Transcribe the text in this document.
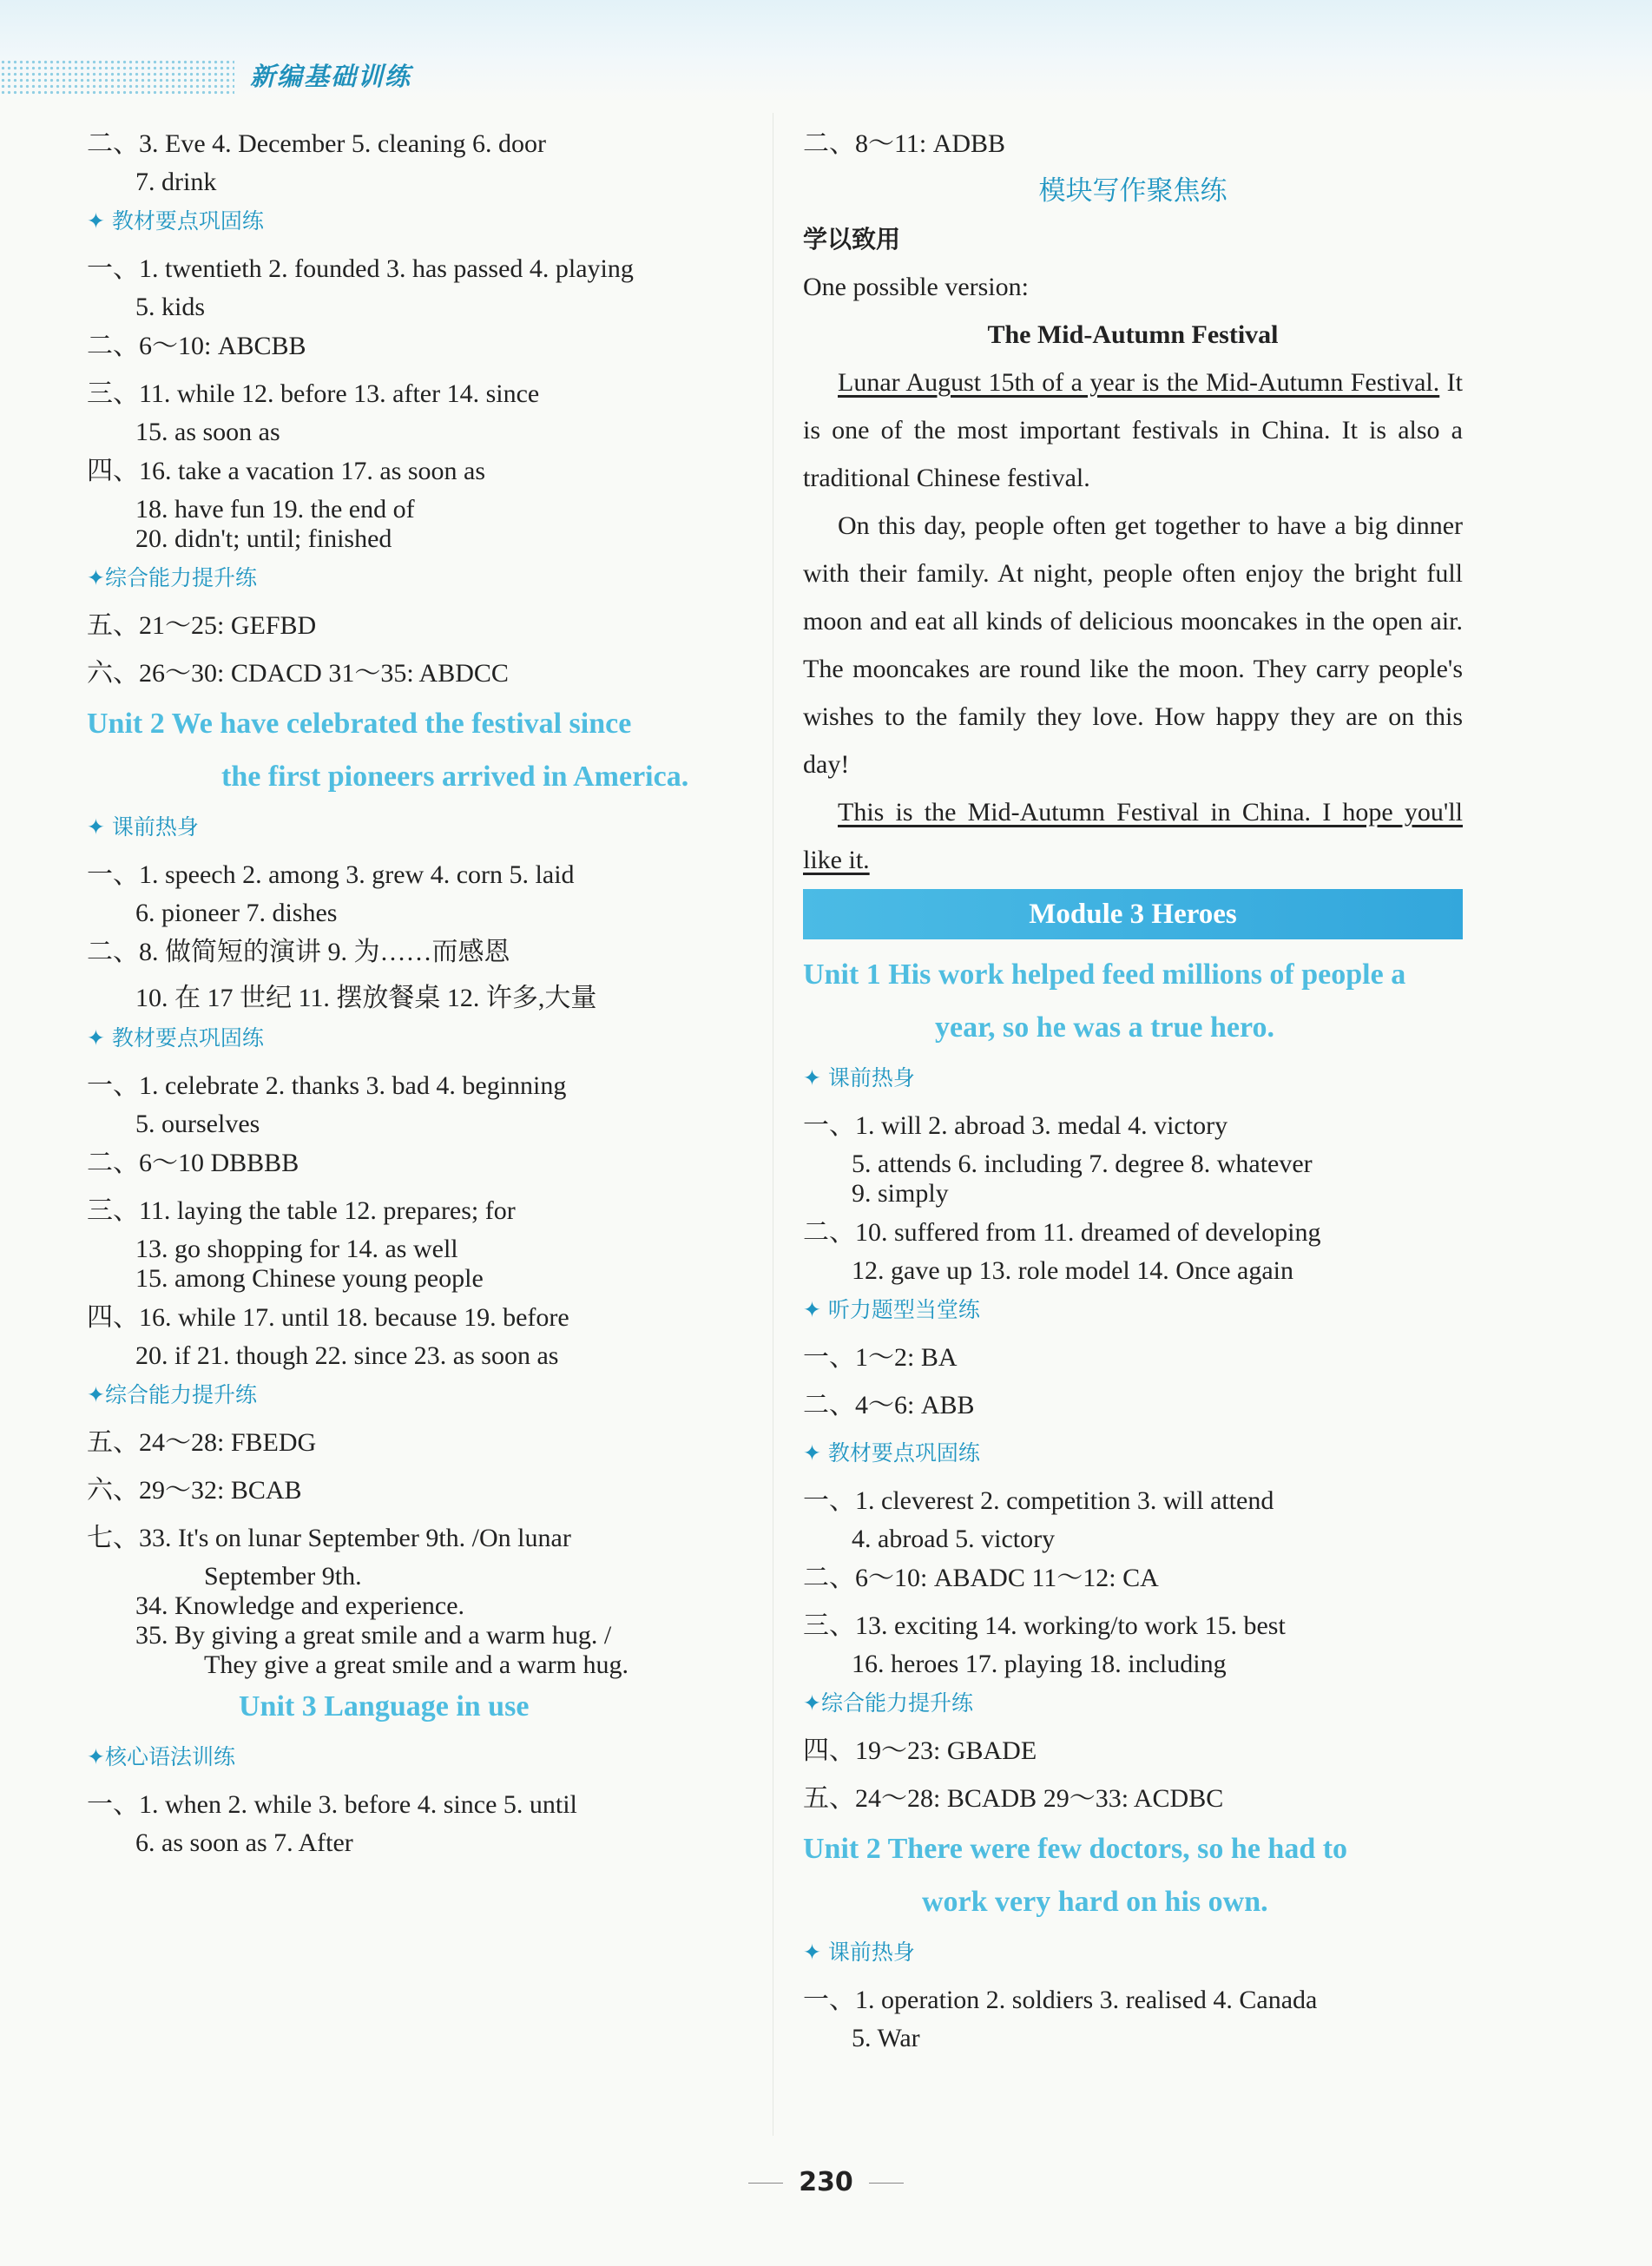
新编基础训练
二、3. Eve 4. December 5. cleaning 6. door
7. drink
✦ 教材要点巩固练
一、1. twentieth 2. founded 3. has passed 4. playing
5. kids
二、6～10: ABCBB
三、11. while 12. before 13. after 14. since
15. as soon as
四、16. take a vacation 17. as soon as
18. have fun 19. the end of
20. didn't; until; finished
✦综合能力提升练
五、21～25: GEFBD
六、26～30: CDACD 31～35: ABDCC
Unit 2 We have celebrated the festival since
the first pioneers arrived in America.
✦ 课前热身
一、1. speech 2. among 3. grew 4. corn 5. laid
6. pioneer 7. dishes
二、8. 做简短的演讲 9. 为……而感恩
10. 在 17 世纪 11. 摆放餐桌 12. 许多,大量
✦ 教材要点巩固练
一、1. celebrate 2. thanks 3. bad 4. beginning
5. ourselves
二、6～10 DBBBB
三、11. laying the table 12. prepares; for
13. go shopping for 14. as well
15. among Chinese young people
四、16. while 17. until 18. because 19. before
20. if 21. though 22. since 23. as soon as
✦综合能力提升练
五、24～28: FBEDG
六、29～32: BCAB
七、33. It's on lunar September 9th. /On lunar
September 9th.
34. Knowledge and experience.
35. By giving a great smile and a warm hug. /
They give a great smile and a warm hug.
Unit 3 Language in use
✦核心语法训练
一、1. when 2. while 3. before 4. since 5. until
6. as soon as 7. After
二、8～11: ADBB
模块写作聚焦练
学以致用
One possible version:
The Mid-Autumn Festival
Lunar August 15th of a year is the Mid-Autumn Festival. It is one of the most important festivals in China. It is also a traditional Chinese festival.
On this day, people often get together to have a big dinner with their family. At night, people often enjoy the bright full moon and eat all kinds of delicious mooncakes in the open air. The mooncakes are round like the moon. They carry people's wishes to the family they love. How happy they are on this day!
This is the Mid-Autumn Festival in China. I hope you'll like it.
Module 3 Heroes
Unit 1 His work helped feed millions of people a
year, so he was a true hero.
✦ 课前热身
一、1. will 2. abroad 3. medal 4. victory
5. attends 6. including 7. degree 8. whatever
9. simply
二、10. suffered from 11. dreamed of developing
12. gave up 13. role model 14. Once again
✦ 听力题型当堂练
一、1～2: BA
二、4～6: ABB
✦ 教材要点巩固练
一、1. cleverest 2. competition 3. will attend
4. abroad 5. victory
二、6～10: ABADC 11～12: CA
三、13. exciting 14. working/to work 15. best
16. heroes 17. playing 18. including
✦综合能力提升练
四、19～23: GBADE
五、24～28: BCADB 29～33: ACDBC
Unit 2 There were few doctors, so he had to
work very hard on his own.
✦ 课前热身
一、1. operation 2. soldiers 3. realised 4. Canada
5. War
230
